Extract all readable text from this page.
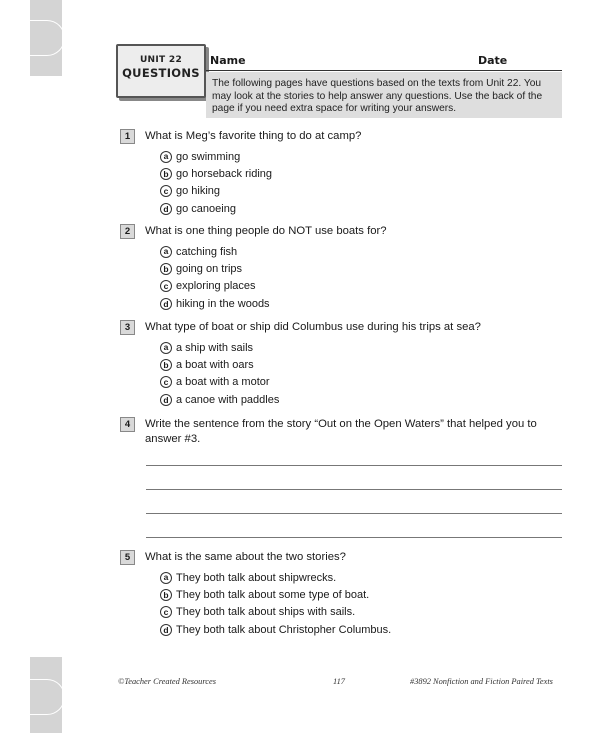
UNIT 22
QUESTIONS
Name	Date
The following pages have questions based on the texts from Unit 22. You may look at the stories to help answer any questions. Use the back of the page if you need extra space for writing your answers.
1	What is Meg’s favorite thing to do at camp?
a go swimming
b go horseback riding
c go hiking
d go canoeing
2	What is one thing people do NOT use boats for?
a catching fish
b going on trips
c exploring places
d hiking in the woods
3	What type of boat or ship did Columbus use during his trips at sea?
a a ship with sails
b a boat with oars
c a boat with a motor
d a canoe with paddles
4	Write the sentence from the story “Out on the Open Waters” that helped you to answer #3.
5	What is the same about the two stories?
a They both talk about shipwrecks.
b They both talk about some type of boat.
c They both talk about ships with sails.
d They both talk about Christopher Columbus.
©Teacher Created Resources	117	#3892 Nonfiction and Fiction Paired Texts
